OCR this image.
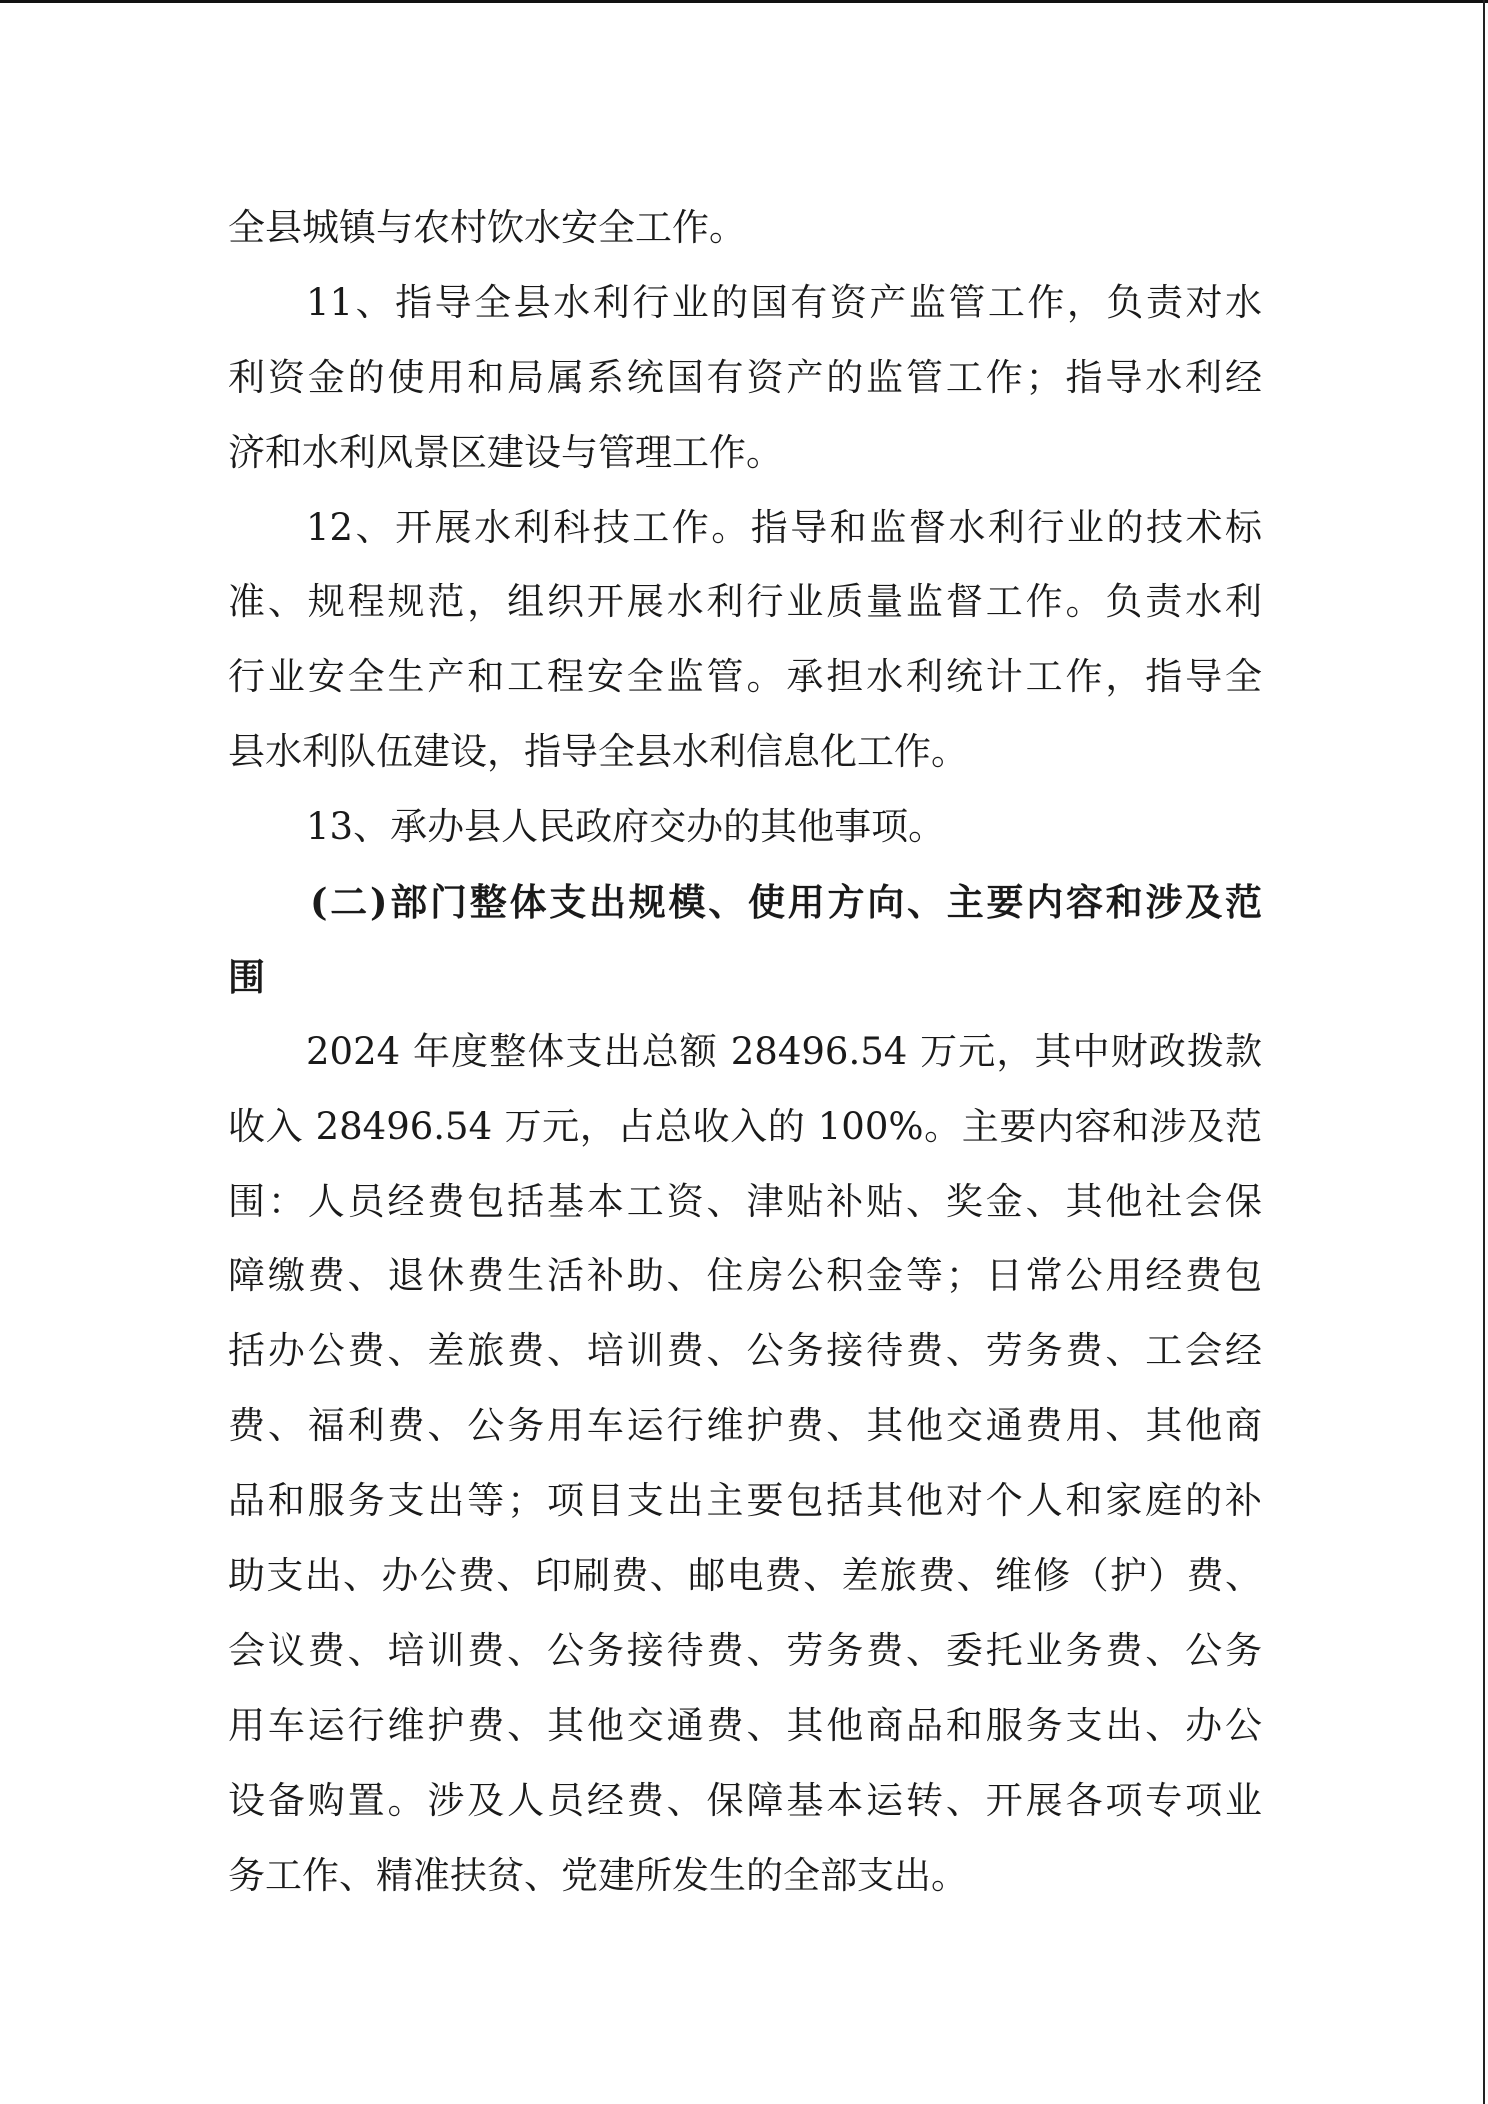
全县城镇与农村饮水安全工作。
11、指导全县水利行业的国有资产监管工作，负责对水
利资金的使用和局属系统国有资产的监管工作；指导水利经
济和水利风景区建设与管理工作。
12、开展水利科技工作。指导和监督水利行业的技术标
准、规程规范，组织开展水利行业质量监督工作。负责水利
行业安全生产和工程安全监管。承担水利统计工作，指导全
县水利队伍建设，指导全县水利信息化工作。
13、承办县人民政府交办的其他事项。
(二)部门整体支出规模、使用方向、主要内容和涉及范
围
2024 年度整体支出总额 28496.54 万元，其中财政拨款
收入 28496.54 万元，占总收入的 100%。主要内容和涉及范
围：人员经费包括基本工资、津贴补贴、奖金、其他社会保
障缴费、退休费生活补助、住房公积金等；日常公用经费包
括办公费、差旅费、培训费、公务接待费、劳务费、工会经
费、福利费、公务用车运行维护费、其他交通费用、其他商
品和服务支出等；项目支出主要包括其他对个人和家庭的补
助支出、办公费、印刷费、邮电费、差旅费、维修（护）费、
会议费、培训费、公务接待费、劳务费、委托业务费、公务
用车运行维护费、其他交通费、其他商品和服务支出、办公
设备购置。涉及人员经费、保障基本运转、开展各项专项业
务工作、精准扶贫、党建所发生的全部支出。
